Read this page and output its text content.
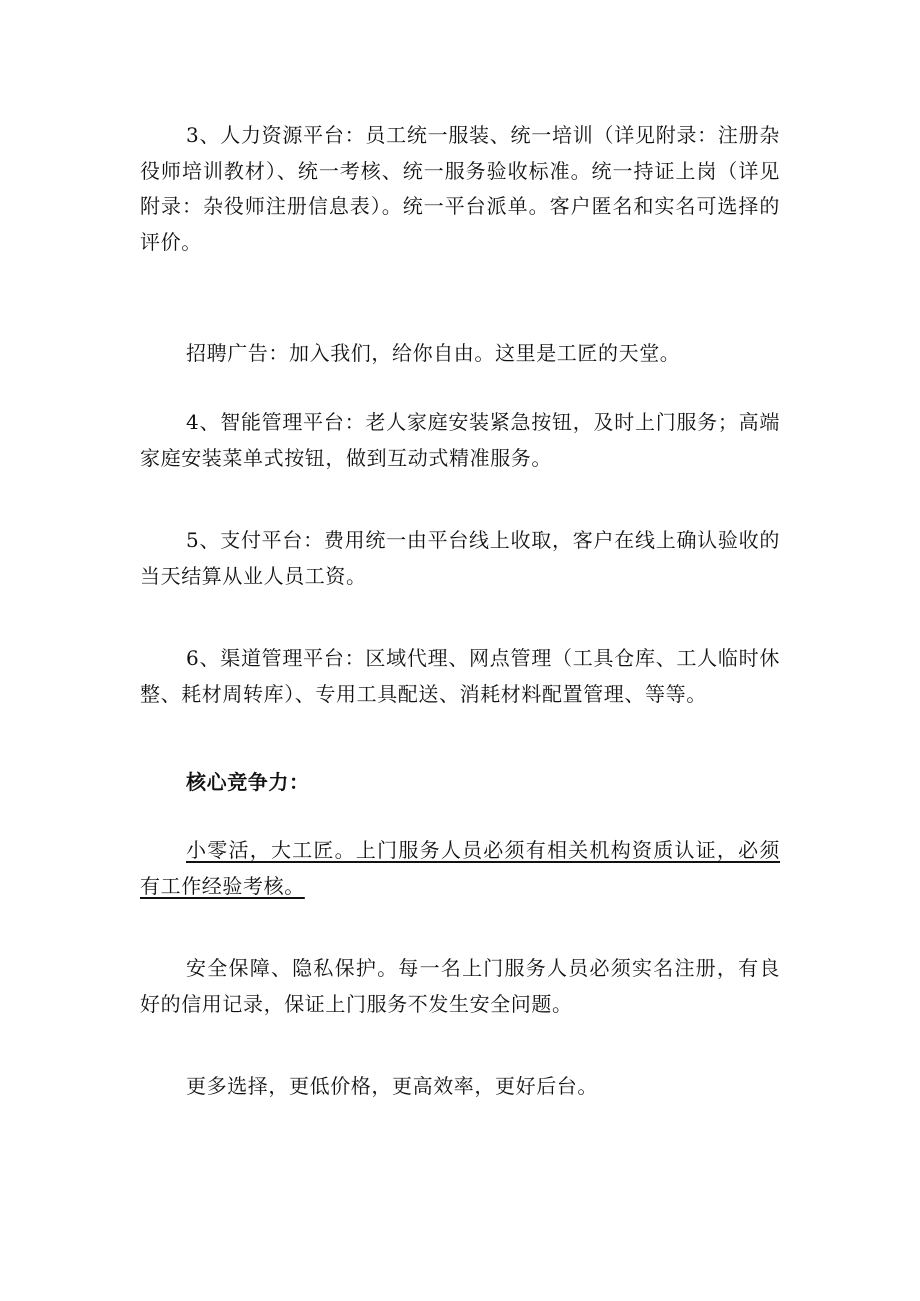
3、人力资源平台：员工统一服装、统一培训（详见附录：注册杂役师培训教材）、统一考核、统一服务验收标准。统一持证上岗（详见附录：杂役师注册信息表）。统一平台派单。客户匿名和实名可选择的评价。

招聘广告：加入我们，给你自由。这里是工匠的天堂。

4、智能管理平台：老人家庭安装紧急按钮，及时上门服务；高端家庭安装菜单式按钮，做到互动式精准服务。

5、支付平台：费用统一由平台线上收取，客户在线上确认验收的当天结算从业人员工资。

6、渠道管理平台：区域代理、网点管理（工具仓库、工人临时休整、耗材周转库）、专用工具配送、消耗材料配置管理、等等。

核心竞争力：

小零活，大工匠。上门服务人员必须有相关机构资质认证，必须有工作经验考核。

安全保障、隐私保护。每一名上门服务人员必须实名注册，有良好的信用记录，保证上门服务不发生安全问题。

更多选择，更低价格，更高效率，更好后台。
